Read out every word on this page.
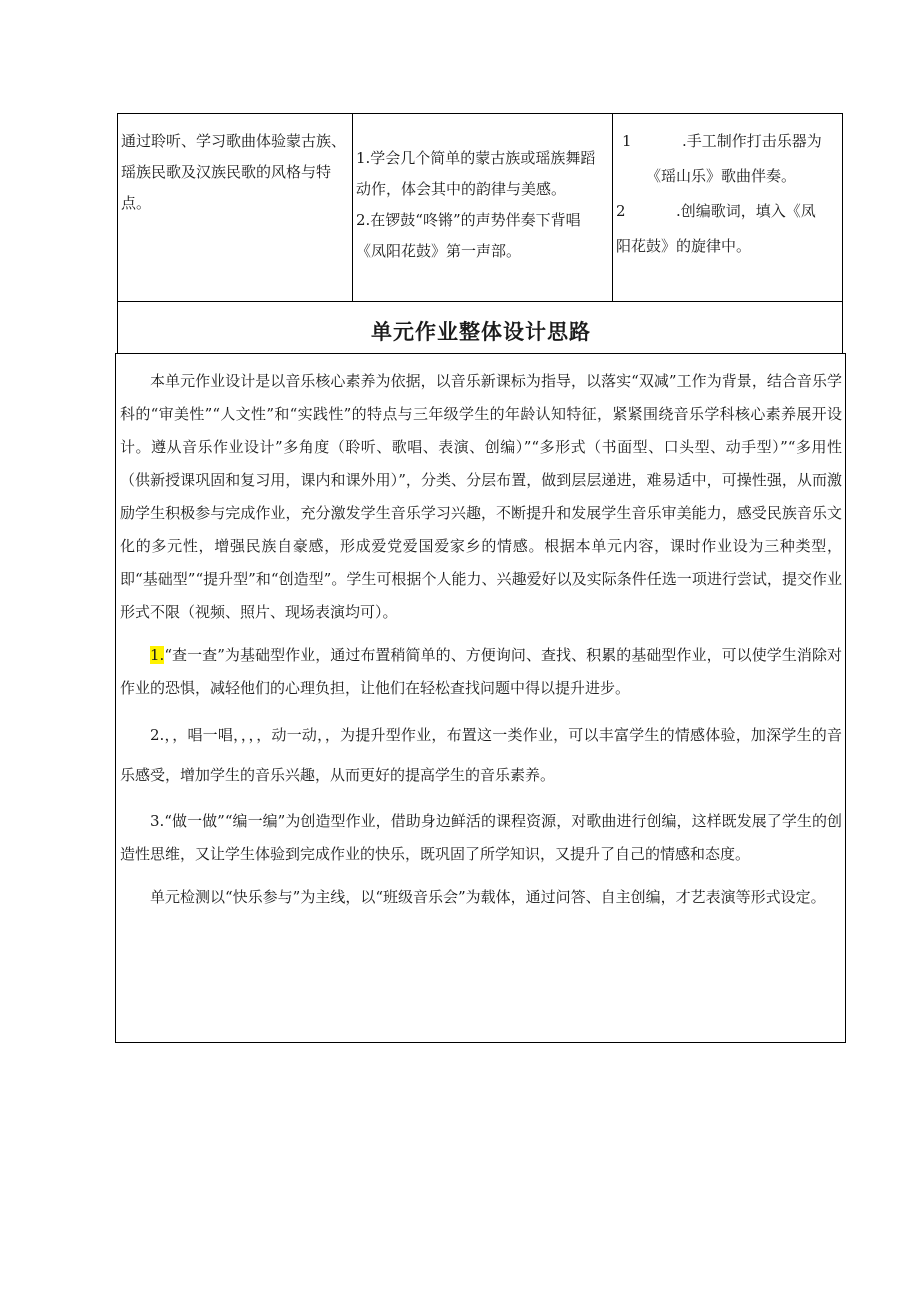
通过聆听、学习歌曲体验蒙古族、瑶族民歌及汉族民歌的风格与特点。
1.学会几个简单的蒙古族或瑶族舞蹈动作，体会其中的韵律与美感。
2.在锣鼓“咚锵”的声势伴奏下背唱《凤阳花鼓》第一声部。
1	.手工制作打击乐器为
《瑶山乐》歌曲伴奏。
2	.创编歌词，填入《凤
阳花鼓》的旋律中。
单元作业整体设计思路

本单元作业设计是以音乐核心素养为依据，以音乐新课标为指导，以落实“双减”工作为背景，结合音乐学科的“审美性”“人文性”和“实践性”的特点与三年级学生的年龄认知特征，紧紧围绕音乐学科核心素养展开设计。遵从音乐作业设计”多角度（聆听、歌唱、表演、创编）”“多形式（书面型、口头型、动手型）”“多用性（供新授课巩固和复习用，课内和课外用）”，分类、分层布置，做到层层递进，难易适中，可操性强，从而激励学生积极参与完成作业，充分激发学生音乐学习兴趣，不断提升和发展学生音乐审美能力，感受民族音乐文化的多元性，增强民族自豪感，形成爱党爱国爱家乡的情感。根据本单元内容，课时作业设为三种类型，即“基础型”“提升型”和“创造型”。学生可根据个人能力、兴趣爱好以及实际条件任选一项进行尝试，提交作业形式不限（视频、照片、现场表演均可）。

1.“查一查”为基础型作业，通过布置稍简单的、方便询问、查找、积累的基础型作业，可以使学生消除对作业的恐惧，减轻他们的心理负担，让他们在轻松查找问题中得以提升进步。

2.，，唱一唱，，，，动一动，，为提升型作业，布置这一类作业，可以丰富学生的情感体验，加深学生的音乐感受，增加学生的音乐兴趣，从而更好的提高学生的音乐素养。

3.“做一做”“编一编”为创造型作业，借助身边鲜活的课程资源，对歌曲进行创编，这样既发展了学生的创造性思维，又让学生体验到完成作业的快乐，既巩固了所学知识，又提升了自己的情感和态度。

单元检测以“快乐参与”为主线，以“班级音乐会”为载体，通过问答、自主创编，才艺表演等形式设定。
